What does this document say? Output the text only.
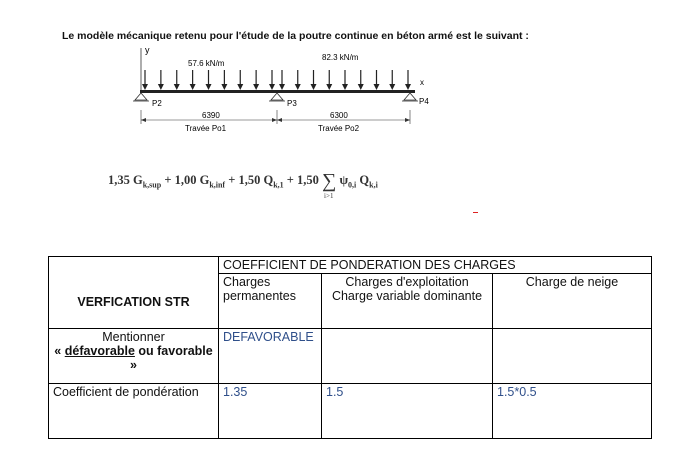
Le modèle mécanique retenu pour l'étude de la poutre continue en béton armé est le suivant :
y
57.6 kN/m
82.3 kN/m
x
P2	P3	P4
6390
Travée Po1
6300
Travée Po2
1,35 $G_{k,sup} + 1,00$ $G_{k,inf} + 1,50$ $Q_{k,1} + 1,50$ ∑
i>1
$\psi_{0,i}$ $Q_{k,i}$
VERFICATION STR	COEFFICIENT DE PONDERATION DES CHARGES		
	Charges permanentes	Charges d'exploitation Charge variable dominante	Charge de neige
Mentionner
« défavorable ou favorable »	DEFAVORABLE		
Coefficient de pondération	1.35	1.5	1.5*0.5
